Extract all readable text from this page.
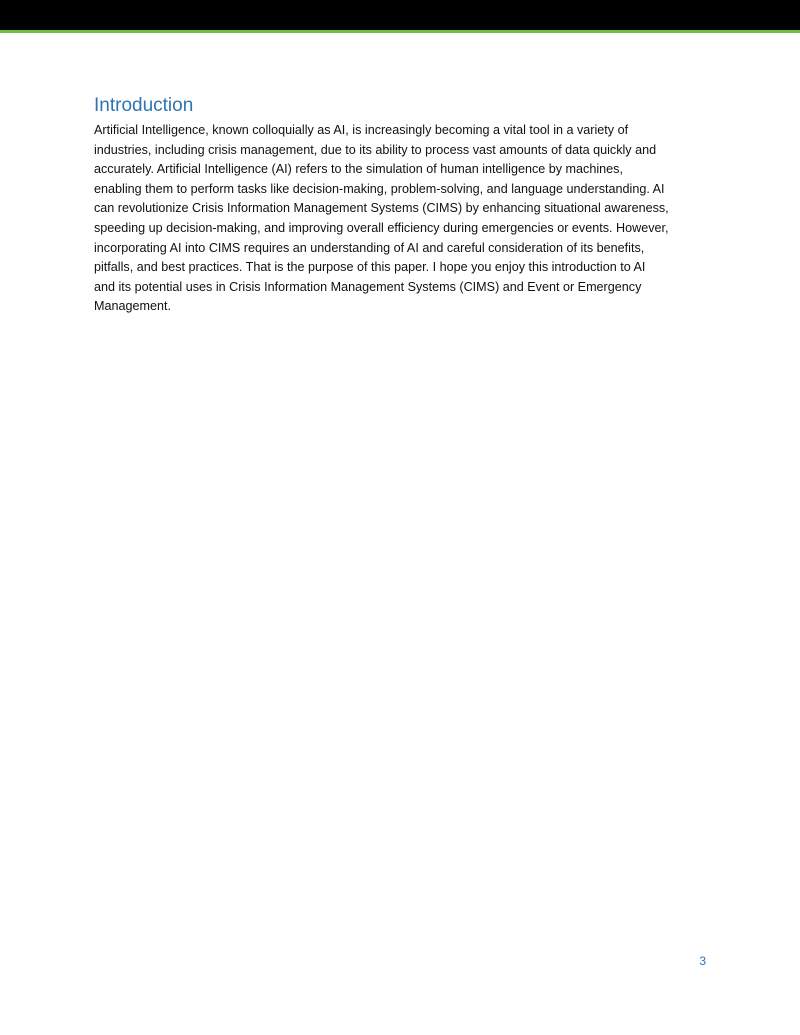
Introduction

Artificial Intelligence, known colloquially as AI, is increasingly becoming a vital tool in a variety of
industries, including crisis management, due to its ability to process vast amounts of data quickly and
accurately. Artificial Intelligence (AI) refers to the simulation of human intelligence by machines,
enabling them to perform tasks like decision-making, problem-solving, and language understanding. AI
can revolutionize Crisis Information Management Systems (CIMS) by enhancing situational awareness,
speeding up decision-making, and improving overall efficiency during emergencies or events. However,
incorporating AI into CIMS requires an understanding of AI and careful consideration of its benefits,
pitfalls, and best practices. That is the purpose of this paper. I hope you enjoy this introduction to AI
and its potential uses in Crisis Information Management Systems (CIMS) and Event or Emergency
Management.

3
